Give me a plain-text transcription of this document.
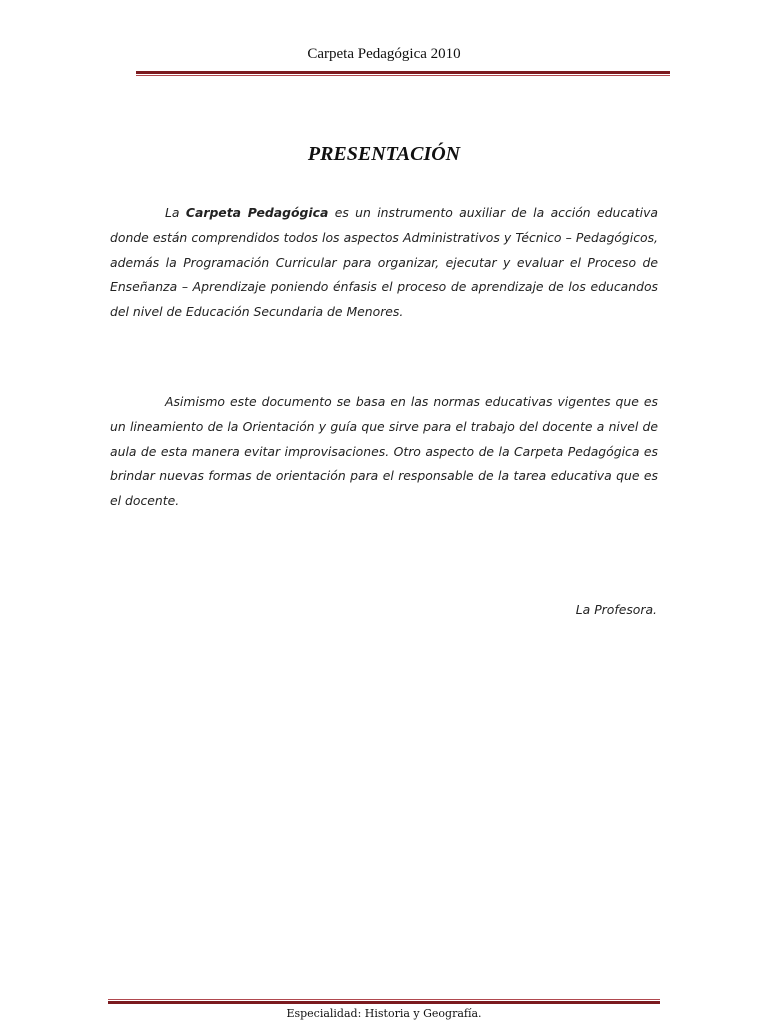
Carpeta Pedagógica 2010
PRESENTACIÓN

La Carpeta Pedagógica es un instrumento auxiliar de la acción educativa donde están comprendidos todos los aspectos Administrativos y Técnico – Pedagógicos, además la Programación Curricular para organizar, ejecutar y evaluar el Proceso de Enseñanza – Aprendizaje poniendo énfasis el proceso de aprendizaje de los educandos del nivel de Educación Secundaria de Menores.

Asimismo este documento se basa en las normas educativas vigentes que es un lineamiento de la Orientación y guía que sirve para el trabajo del docente a nivel de aula de esta manera evitar improvisaciones. Otro aspecto de la Carpeta Pedagógica es brindar nuevas formas de orientación para el responsable de la tarea educativa que es el docente.

La Profesora.
Especialidad: Historia y Geografía.
